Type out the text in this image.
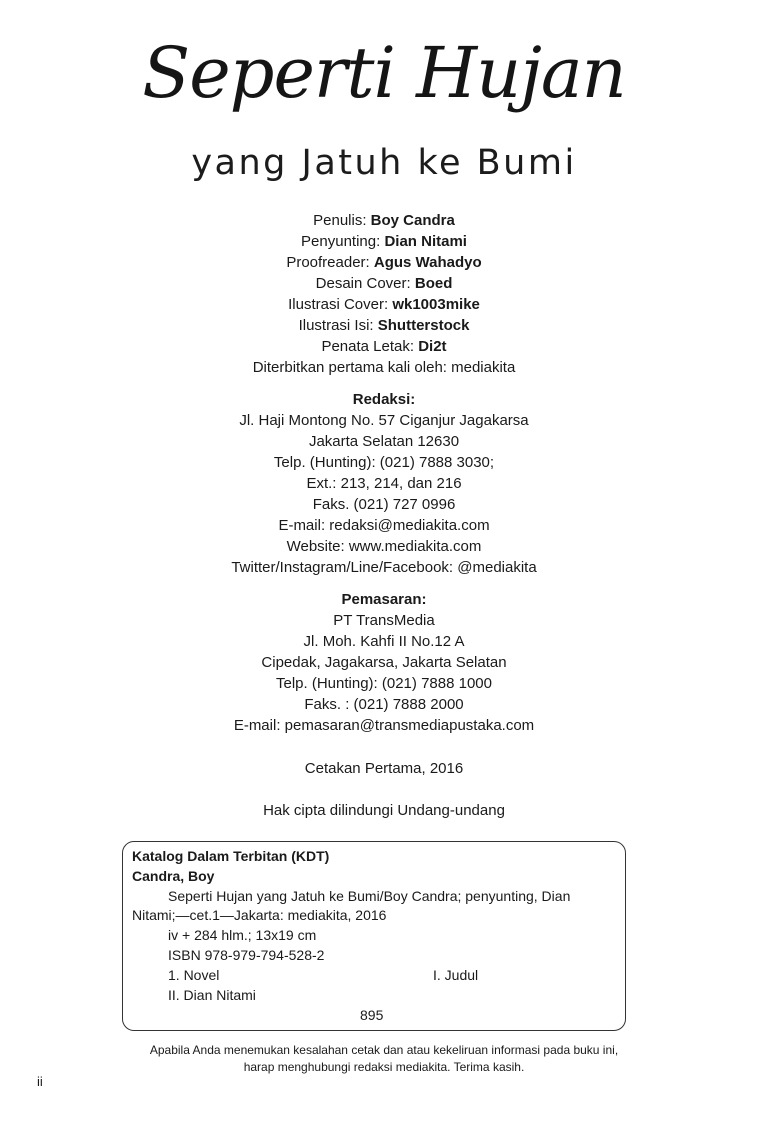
Seperti Hujan
yang Jatuh ke Bumi
Penulis: Boy Candra
Penyunting: Dian Nitami
Proofreader: Agus Wahadyo
Desain Cover: Boed
Ilustrasi Cover: wk1003mike
Ilustrasi Isi: Shutterstock
Penata Letak: Di2t
Diterbitkan pertama kali oleh: mediakita
Redaksi:
Jl. Haji Montong No. 57 Ciganjur Jagakarsa
Jakarta Selatan 12630
Telp. (Hunting): (021) 7888 3030;
Ext.: 213, 214, dan 216
Faks. (021) 727 0996
E-mail: redaksi@mediakita.com
Website: www.mediakita.com
Twitter/Instagram/Line/Facebook: @mediakita
Pemasaran:
PT TransMedia
Jl. Moh. Kahfi II No.12 A
Cipedak, Jagakarsa, Jakarta Selatan
Telp. (Hunting): (021) 7888 1000
Faks. : (021) 7888 2000
E-mail: pemasaran@transmediapustaka.com
Cetakan Pertama, 2016
Hak cipta dilindungi Undang-undang
Katalog Dalam Terbitan (KDT)
Candra, Boy
Seperti Hujan yang Jatuh ke Bumi/Boy Candra; penyunting, Dian
Nitami;—cet.1—Jakarta: mediakita, 2016
iv + 284 hlm.; 13x19 cm
ISBN 978-979-794-528-2
1. Novel	I. Judul
II. Dian Nitami
895
Apabila Anda menemukan kesalahan cetak dan atau kekeliruan informasi pada buku ini,
harap menghubungi redaksi mediakita. Terima kasih.
ii
